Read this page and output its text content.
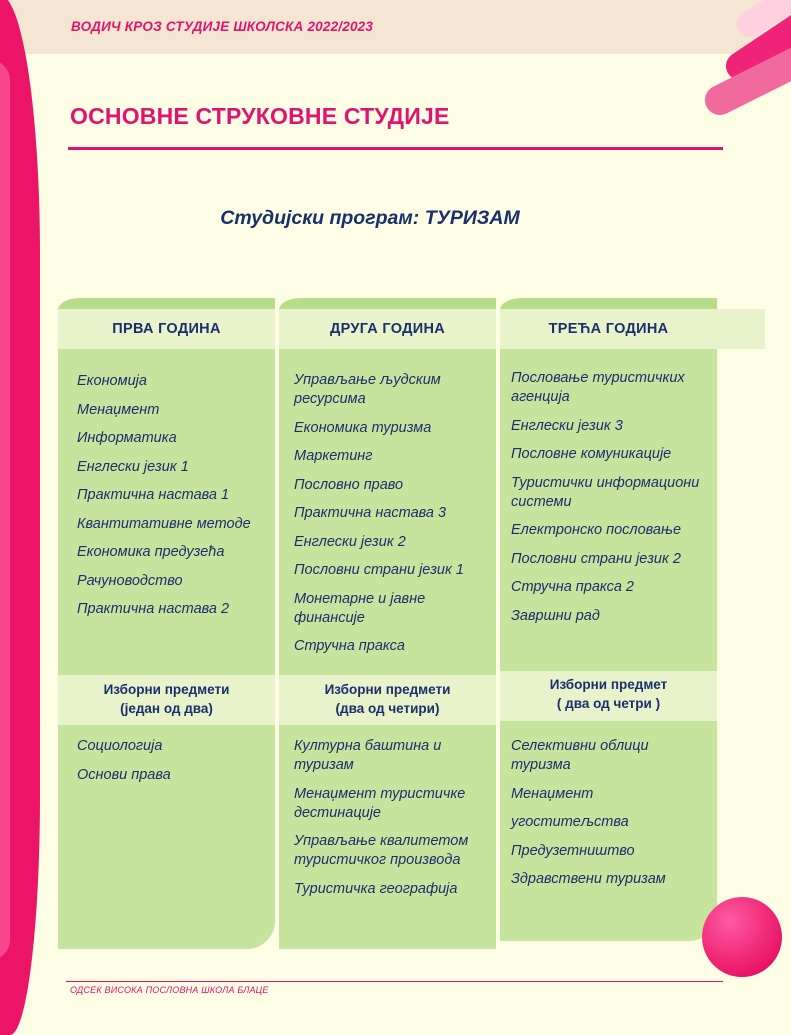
ВОДИЧ КРОЗ СТУДИЈЕ ШКОЛСКА 2022/2023
ОСНОВНЕ СТРУКОВНЕ СТУДИЈЕ
Студијски програм: ТУРИЗАМ
ПРВА ГОДИНА
Економија
Менаџмент
Информатика
Енглески језик 1
Практична настава 1
Квантитативне методе
Економика предузећа
Рачуноводство
Практична настава 2
Изборни предмети
(један од два)
Социологија
Основи права
ДРУГА ГОДИНА
Управљање људским ресурсима
Економика туризма
Маркетинг
Пословно право
Практична настава 3
Енглески језик 2
Пословни страни језик 1
Монетарне и јавне финансије
Стручна пракса
Изборни предмети
(два од четири)
Културна баштина и туризам
Менаџмент туристичке дестинације
Управљање квалитетом туристичког производа
Туристичка географија
ТРЕЋА ГОДИНА
Пословање туристичких агенција
Енглески језик 3
Пословне комуникације
Туристички информациони системи
Електронско пословање
Пословни страни језик 2
Стручна пракса 2
Завршни рад
Изборни предмет
( два од четри )
Селективни облици туризма
Менаџмент
угоститељства
Предузетништво
Здравствени туризам
ОДСЕК ВИСОКА ПОСЛОВНА ШКОЛА БЛАЦЕ
